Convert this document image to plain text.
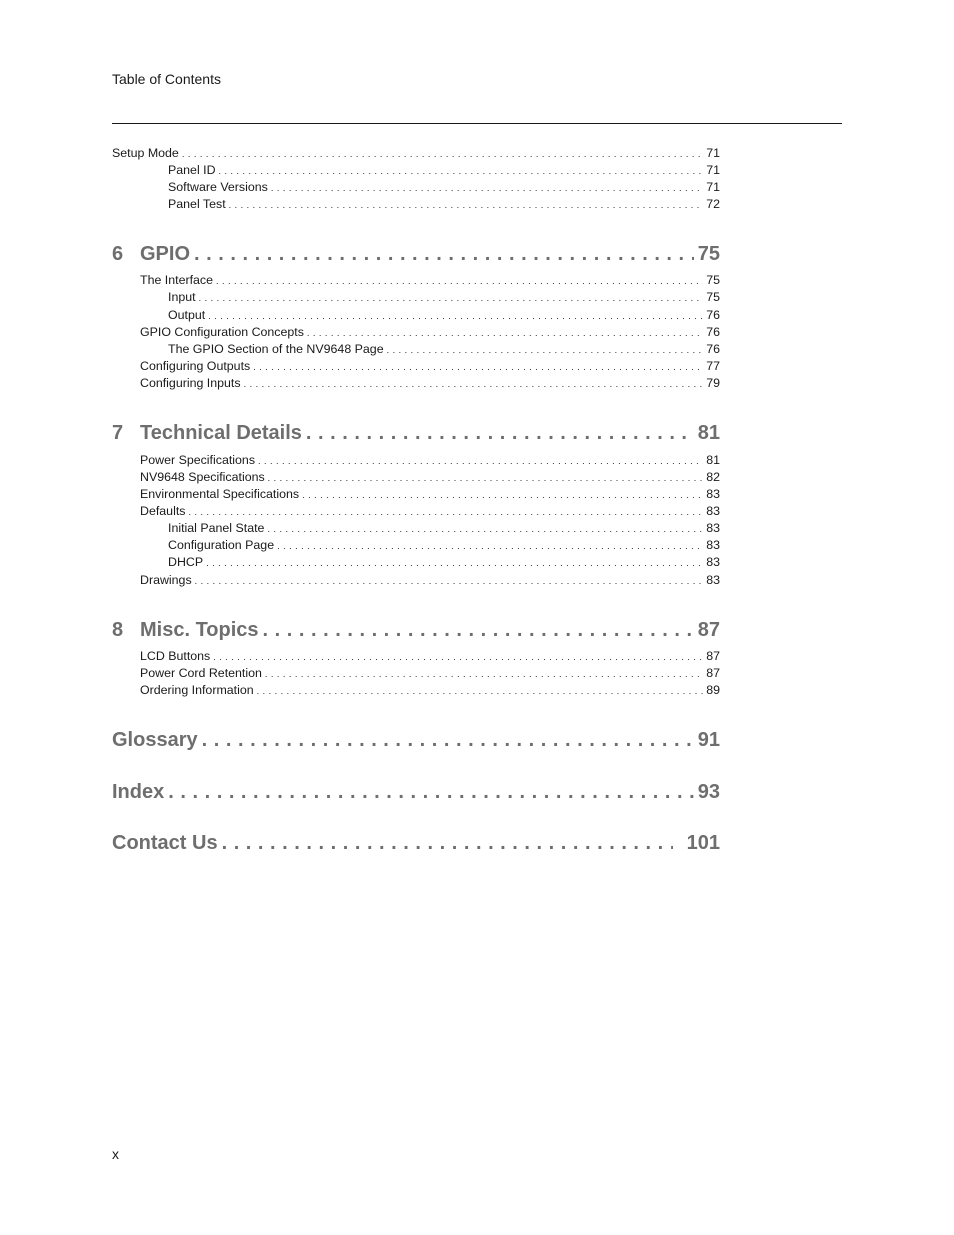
Table of Contents
Setup Mode . . .	71
Panel ID . . .	71
Software Versions . . .	71
Panel Test . . .	72
6 GPIO . . .	75
The Interface . . .	75
Input . . .	75
Output . . .	76
GPIO Configuration Concepts . . .	76
The GPIO Section of the NV9648 Page . . .	76
Configuring Outputs . . .	77
Configuring Inputs . . .	79
7 Technical Details . . .	81
Power Specifications . . .	81
NV9648 Specifications . . .	82
Environmental Specifications . . .	83
Defaults . . .	83
Initial Panel State . . .	83
Configuration Page . . .	83
DHCP . . .	83
Drawings . . .	83
8 Misc. Topics . . .	87
LCD Buttons . . .	87
Power Cord Retention . . .	87
Ordering Information . . .	89
Glossary . . .	91
Index . . .	93
Contact Us . . .	101
x
